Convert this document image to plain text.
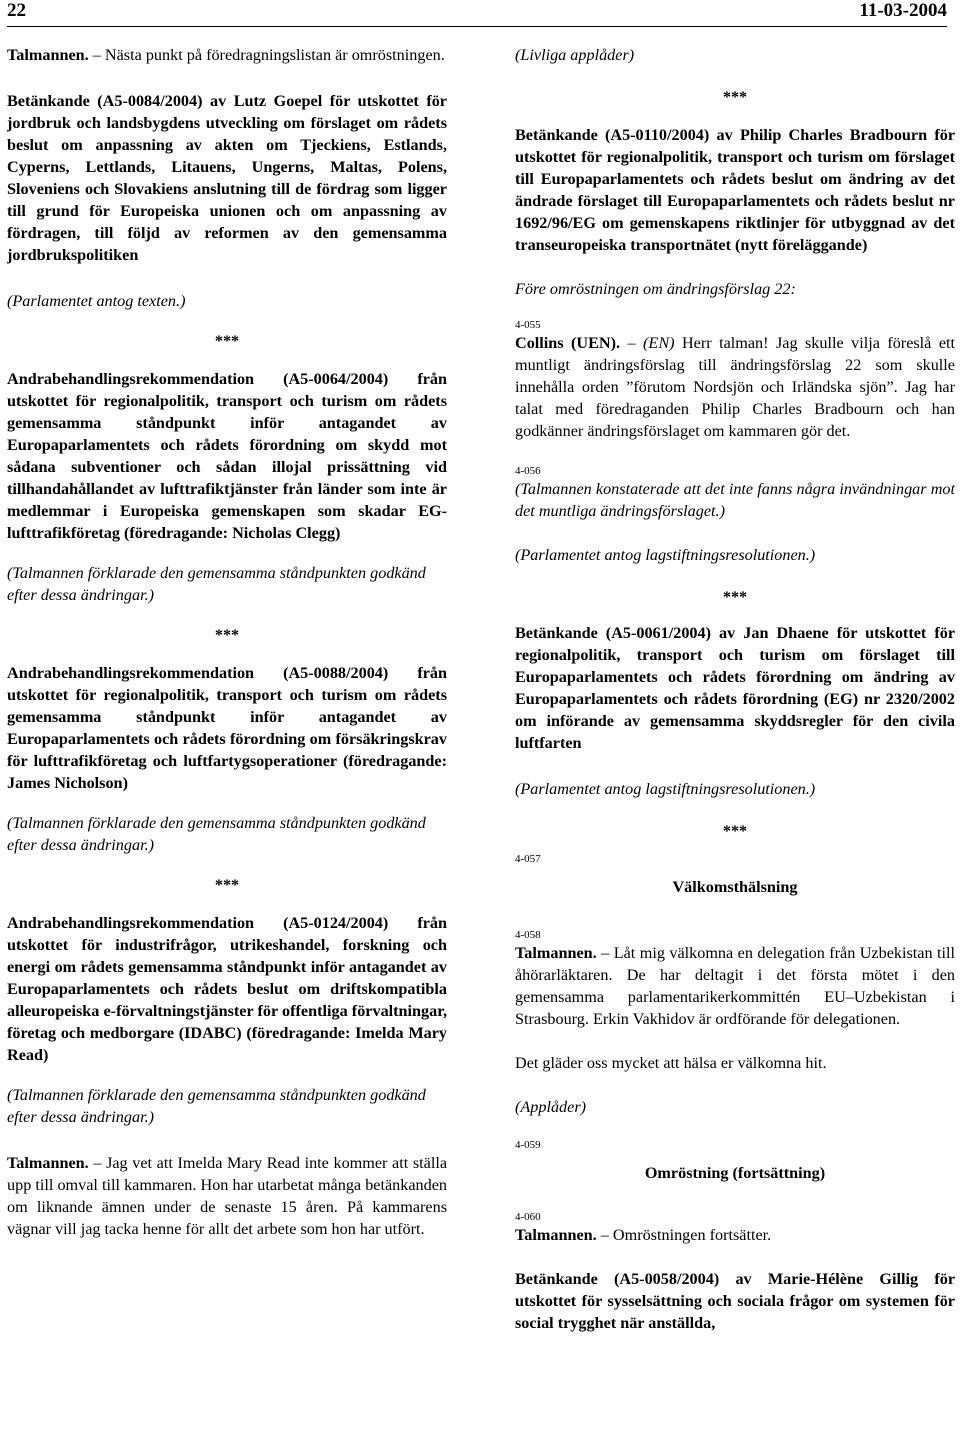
22	11-03-2004

Talmannen. – Nästa punkt på föredragningslistan är omröstningen.

Betänkande (A5-0084/2004) av Lutz Goepel för utskottet för jordbruk och landsbygdens utveckling om förslaget om rådets beslut om anpassning av akten om Tjeckiens, Estlands, Cyperns, Lettlands, Litauens, Ungerns, Maltas, Polens, Sloveniens och Slovakiens anslutning till de fördrag som ligger till grund för Europeiska unionen och om anpassning av fördragen, till följd av reformen av den gemensamma jordbrukspolitiken

(Parlamentet antog texten.)

***

Andrabehandlingsrekommendation (A5-0064/2004) från utskottet för regionalpolitik, transport och turism om rådets gemensamma ståndpunkt inför antagandet av Europaparlamentets och rådets förordning om skydd mot sådana subventioner och sådan illojal prissättning vid tillhandahållandet av lufttrafiktjänster från länder som inte är medlemmar i Europeiska gemenskapen som skadar EG-lufttrafikföretag (föredragande: Nicholas Clegg)

(Talmannen förklarade den gemensamma ståndpunkten godkänd efter dessa ändringar.)

***

Andrabehandlingsrekommendation (A5-0088/2004) från utskottet för regionalpolitik, transport och turism om rådets gemensamma ståndpunkt inför antagandet av Europaparlamentets och rådets förordning om försäkringskrav för lufttrafikföretag och luftfartygsoperationer (föredragande: James Nicholson)

(Talmannen förklarade den gemensamma ståndpunkten godkänd efter dessa ändringar.)

***

Andrabehandlingsrekommendation (A5-0124/2004) från utskottet för industrifrågor, utrikeshandel, forskning och energi om rådets gemensamma ståndpunkt inför antagandet av Europaparlamentets och rådets beslut om driftskompatibla alleuropeiska e-förvaltningstjänster för offentliga förvaltningar, företag och medborgare (IDABC) (föredragande: Imelda Mary Read)

(Talmannen förklarade den gemensamma ståndpunkten godkänd efter dessa ändringar.)

Talmannen. – Jag vet att Imelda Mary Read inte kommer att ställa upp till omval till kammaren. Hon har utarbetat många betänkanden om liknande ämnen under de senaste 15 åren. På kammarens vägnar vill jag tacka henne för allt det arbete som hon har utfört.

(Livliga applåder)

***

Betänkande (A5-0110/2004) av Philip Charles Bradbourn för utskottet för regionalpolitik, transport och turism om förslaget till Europaparlamentets och rådets beslut om ändring av det ändrade förslaget till Europaparlamentets och rådets beslut nr 1692/96/EG om gemenskapens riktlinjer för utbyggnad av det transeuropeiska transportnätet (nytt föreläggande)

Före omröstningen om ändringsförslag 22:

4-055

Collins (UEN). – (EN) Herr talman! Jag skulle vilja föreslå ett muntligt ändringsförslag till ändringsförslag 22 som skulle innehålla orden ”förutom Nordsjön och Irländska sjön”. Jag har talat med föredraganden Philip Charles Bradbourn och han godkänner ändringsförslaget om kammaren gör det.

4-056

(Talmannen konstaterade att det inte fanns några invändningar mot det muntliga ändringsförslaget.)

(Parlamentet antog lagstiftningsresolutionen.)

***

Betänkande (A5-0061/2004) av Jan Dhaene för utskottet för regionalpolitik, transport och turism om förslaget till Europaparlamentets och rådets förordning om ändring av Europaparlamentets och rådets förordning (EG) nr 2320/2002 om införande av gemensamma skyddsregler för den civila luftfarten

(Parlamentet antog lagstiftningsresolutionen.)

***

4-057

Välkomsthälsning

4-058

Talmannen. – Låt mig välkomna en delegation från Uzbekistan till åhörarläktaren. De har deltagit i det första mötet i den gemensamma parlamentarikerkommittén EU–Uzbekistan i Strasbourg. Erkin Vakhidov är ordförande för delegationen.

Det gläder oss mycket att hälsa er välkomna hit.

(Applåder)

4-059

Omröstning (fortsättning)

4-060

Talmannen. – Omröstningen fortsätter.

Betänkande (A5-0058/2004) av Marie-Hélène Gillig för utskottet för sysselsättning och sociala frågor om systemen för social trygghet när anställda,
